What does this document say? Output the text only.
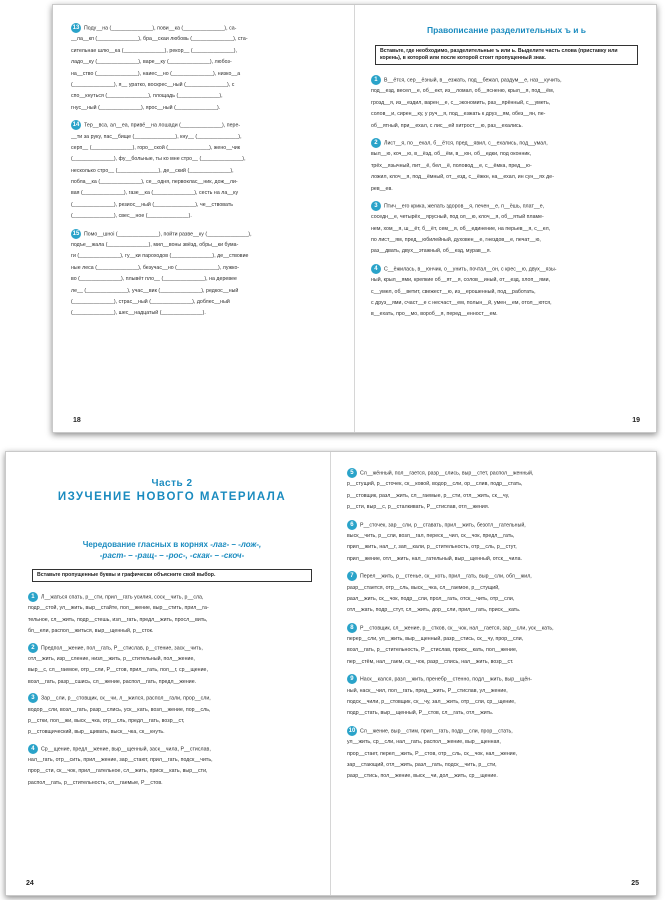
13 Поду__на (______________), пови__ка (______________), са-
__ла__кп (______________), бра__скаи любовь (______________), ста-
сительнае шлю__ка (______________), рекор__ (______________),
ладо__ку (______________), варе__ку (______________), любоз-
на__ство (______________), наиес__но (______________), низко__а
(______________), я__ уратко, воскрес__ный (______________), с
спо__кнуться (______________), площадь (______________),
гнус__ный (______________), ярос__ный (______________).
14 Тер__вса, ал__еа, привё__на лошади (______________), пере-
__ти за руку, пас__бище (______________), кну__ (______________),
серп__ (______________), горо__ской (______________), жено__чик
(______________), фу__больные, ты ко мне стро__ (______________),
несколько стро__ (______________), де__ский (______________),
побла__ка (______________), се__одня, первоклас__ник, дож__ли-
вая (______________), газе__ка (______________), сесть на ла__ку
(______________), резиос__ный (______________), че__ствовать
(______________), свес__ное (______________).
15 Помо__шноi (______________), пойти разве__ку (______________),
подъе__жала (______________), мил__воны звёзд, обры__ки бума-
ги (______________), гу__ки пароходов (______________), де__ствовие
ные леса (______________), безучас__но (______________), лужко-
во (______________), плывёт пло__ (______________), на деревее
ле__ (______________), учас__вик (______________), редкос__ный
(______________), страс__ный (______________), доблес__ный
(______________), шес__надцатый (______________).
18
Правописание разделительных ъ и ь
Вставьте, где необходимо, разделительные ъ или ь. Выделите часть слова (приставку или корень), в которой или после которой стоит пропущенный знак.
1 В__ётся, сер__ёзный, в__езжать, под__бежал, раздум__е, наз__кучить,
под__езд, весел__е, об__ект, из__ломал, об__ясненю, крыл__я, под__ём,
грозд__я, из__ездил, варен__е, с__экономить, раз__ярённый, с__уметь,
солов__и, сирен__ку, у руч__я, под__езжать к друз__ям, обез__ян, пе-
об__ятный, при__ехал, с лис__ей хитрост__ю, раз__ехались.
2 Лист__я, по__ехал, б__ётся, пред__явил, с__ехались, под__умал,
выл__ю, коч__ю, в__ёзд, об__ём, в__юн, об__едки, под оконник,
трёх__язычный, пит__ё, бел__ё, половод__е, с__ёмка, пред__ю-
ложил, клоч__я, под__ёмный, от__езд, с__ёжкн, на__ехал, ин сун__ях де-
рев__ев.
3 Птич__его крика, желать здоров__я, печен__е, п__ёшь, плат__е,
соседн__е, четырёх__ярусный, под ол__ю, клоч__я, об__ятый пламе-
нем, хом__я, ш__ёт, б__ёт, сем__я, об__единение, на перьев__я, с__ел,
по лист__ям, пред__юбилейный, духовен__е, гнездов__е, печат__ю,
раз__двать, двух__этажный, об__езд, мурав__я.
4 С__ёжилась, в__юнчик, о__унить, почтал__он, с крес__ю, двух__язы-
ный, крыл__ями, крепкие об__ят__я, солов__иный, от__езд, хлоп__ями,
с__умел, об__ветит, свежест__ю, из__ерошенный, под__работать,
с друз__ями, счаст__е с несчаст__ем, полын__й, умен__ем, отол__ются,
в__ехать, про__мо, вороб__я, перед__енност__ем.
19
Часть 2
ИЗУЧЕНИЕ НОВОГО МАТЕРИАЛА
Чередование гласных в корнях -лаг- – -лож-,
-раст- – -ращ- – -рос-, -скак- – -скоч-
Вставьте пропущенные буквы и графически объясните свой выбор.
1 Л__жаться спать, р__сти, прил__гать усилия, соск__чить, р__сла,
подр__стой, ул__жить, выр__стайте, пол__жение, выр__стить, прил__га-
тельное, сл__жить, подр__стешь, изл__гать, предл__жить, просл__вить,
бл__ели, распол__житься, выр__щенный, р__сток.
2 Предпол__жение, пол__гать, Р__стислав, р__стение, заск__чить,
отл__жить, изр__сление, низл__жить, р__стительный, пол__жение,
выр__с, сл__гаемое, отр__сли, Р__стов, прил__гать, пол__г, ср__щение,
возл__гать, разр__сшись, сл__жение, распол__гать, предл__жение.
3 Зар__сли, р__стовщик, ск__чи, л__жился, распол__гали, прор__сли,
водор__сли, возл__гать, разр__слись, уск__кать, возл__жение, пор__сль,
р__стки, пол__жи, выск__чка, отр__сль, предл__гать, возр__ст,
р__стовщический, выр__щивать, выск__чка, ск__кнуть.
4 Ср__щение, предл__жение, выр__щенный, заск__чила, Р__стислав,
нал__гать, отр__сить, прил__жение, зар__стают, прил__гать, подск__чить,
прор__сти, ск__чок, прил__гательное, сл__жить, приск__кать, выр__сти,
распол__гать, р__стительность, сл__гаемые, Р__стов.
24
5 Сл__жённый, пол__гается, разр__слись, выр__стет, распол__женный,
р__стущий, р__сточек, ск__ковой, водор__сли, ор__слив, подр__стать,
р__стовщик, разл__жить, сл__гаемые, р__сти, отл__жить, ск__чу,
р__сти, выр__с, р__сталкивать, Р__стислав, отл__жения.
6 Р__сточек, зар__сли, р__ставать, прил__жить, безотл__гательный,
выск__чить, р__сли, возл__гал, переск__чил, ск__чок, предл__гать,
прил__жить, нал__г, зап__кали, р__стительность, отр__сль, р__стут,
прил__жение, отл__жить, нал__гательный, выр__щенный, отск__чила.
7 Перел__жить, р__стенье, ск__коть, прил__гать, выр__сли, обл__жил,
разр__стается, отр__сль, выск__чка, сл__гаемое, р__стущий,
разл__жить, ск__чок, подр__сли, прол__гать, отск__чить, отр__сли,
отл__жать, подр__стут, сл__жить, дор__сли, прил__гать, приск__кать.
8 Р__стовщик, сл__жение, р__стков, ск__чок, нал__гается, зар__сли, уск__кать,
перер__сли, ул__жить, выр__щенный, разр__стись, ск__чу, прор__сли,
возл__гать, р__стительность, Р__стислав, приск__кать, пол__жение,
пер__стём, нал__гаем, ск__чок, разр__слись, нал__жить, возр__ст.
9 Наск__кался, разл__жить, пренебр__стенно, подл__жить, выр__щён-
ный, наск__чил, пол__гать, пред__жить, Р__стислав, ул__жение,
подск__чили, р__стовщик, ск__чу, зал__жить, отр__сли, ср__щение,
подр__стать, выр__щенный, Р__стов, сл__гать, отл__жить.
10 Сл__жение, выр__стим, прил__гать, подр__сли, прор__стать,
ул__жить, ср__сли, нал__гать, распол__жение, выр__щенная,
прор__стает, перел__жить, Р__стов, отр__сль, ск__чок, нал__жение,
зар__стающий, отл__жить, разл__гать, подск__чить, р__сти,
разр__стись, пол__жение, выск__чи, дол__жить, ср__щение.
25
